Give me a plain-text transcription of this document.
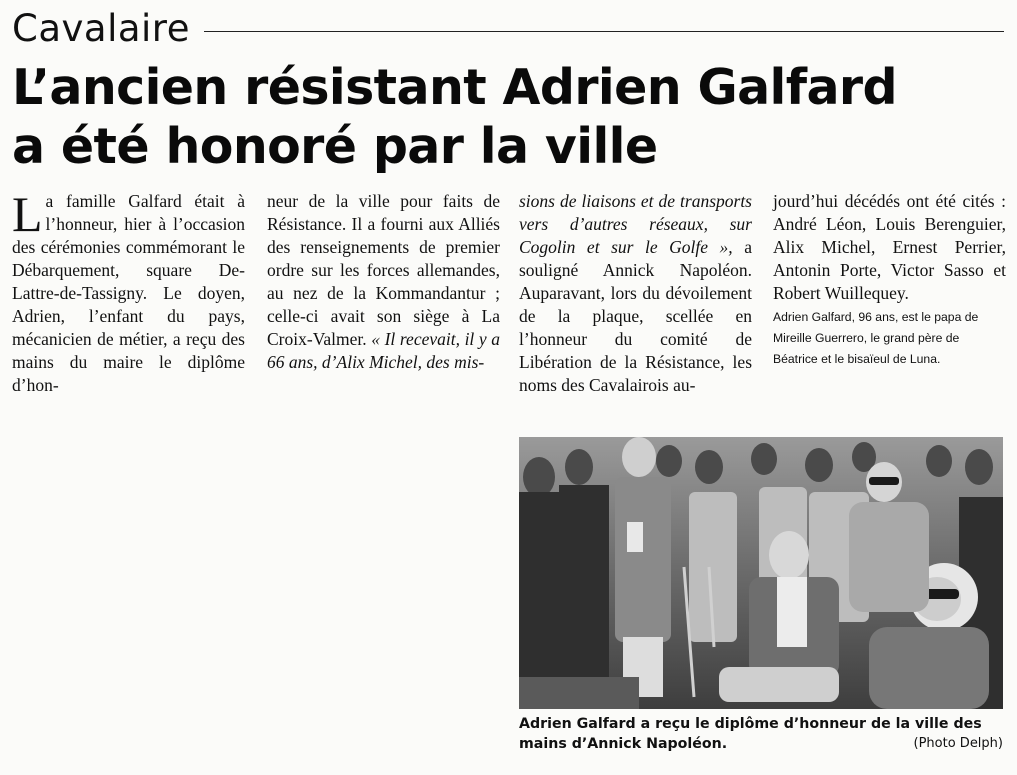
Cavalaire
L’ancien résistant Adrien Galfard
a été honoré par la ville

La famille Galfard était à l’honneur, hier à l’occasion des cérémonies commémorant le Débarquement, square De-Lattre-de-Tassigny. Le doyen, Adrien, l’enfant du pays, mécanicien de métier, a reçu des mains du maire le diplôme d’hon-

neur de la ville pour faits de Résistance. Il a fourni aux Alliés des renseignements de premier ordre sur les forces allemandes, au nez de la Kommandantur ; celle-ci avait son siège à La Croix-Valmer. « Il recevait, il y a 66 ans, d’Alix Michel, des mis-

sions de liaisons et de transports vers d’autres réseaux, sur Cogolin et sur le Golfe », a souligné Annick Napoléon. Auparavant, lors du dévoilement de la plaque, scellée en l’honneur du comité de Libération de la Résistance, les noms des Cavalairois au-

jourd’hui décédés ont été cités : André Léon, Louis Berenguier, Alix Michel, Ernest Perrier, Antonin Porte, Victor Sasso et Robert Wuillequey.

Adrien Galfard, 96 ans, est le papa de Mireille Guerrero, le grand père de Béatrice et le bisaïeul de Luna.

Adrien Galfard a reçu le diplôme d’honneur de la ville des mains d’Annick Napoléon.	(Photo Delph)
